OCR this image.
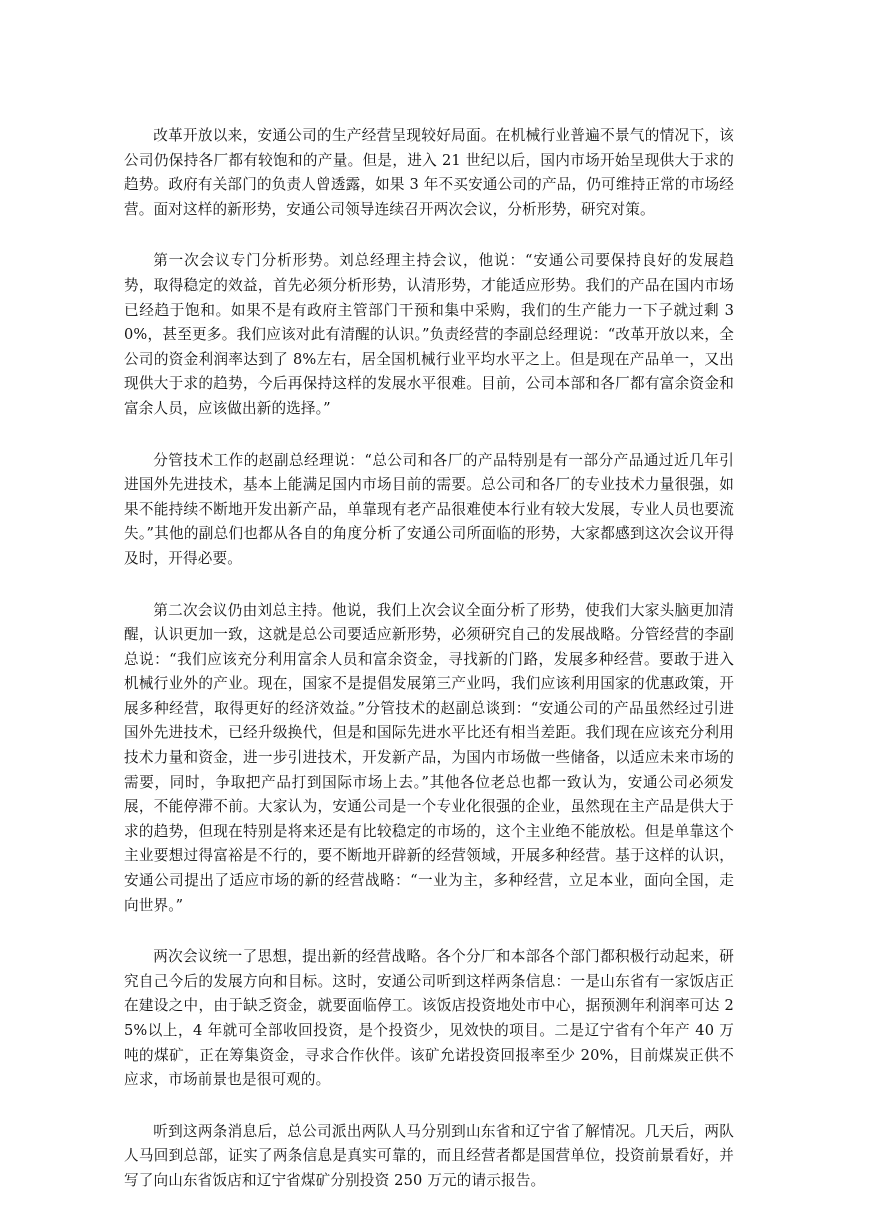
改革开放以来，安通公司的生产经营呈现较好局面。在机械行业普遍不景气的情况下，该公司仍保持各厂都有较饱和的产量。但是，进入 21 世纪以后，国内市场开始呈现供大于求的趋势。政府有关部门的负责人曾透露，如果 3 年不买安通公司的产品，仍可维持正常的市场经营。面对这样的新形势，安通公司领导连续召开两次会议，分析形势，研究对策。

第一次会议专门分析形势。刘总经理主持会议，他说：“安通公司要保持良好的发展趋势，取得稳定的效益，首先必须分析形势，认清形势，才能适应形势。我们的产品在国内市场已经趋于饱和。如果不是有政府主管部门干预和集中采购，我们的生产能力一下子就过剩 30%，甚至更多。我们应该对此有清醒的认识。”负责经营的李副总经理说：“改革开放以来，全公司的资金利润率达到了 8%左右，居全国机械行业平均水平之上。但是现在产品单一，又出现供大于求的趋势，今后再保持这样的发展水平很难。目前，公司本部和各厂都有富余资金和富余人员，应该做出新的选择。”

分管技术工作的赵副总经理说：“总公司和各厂的产品特别是有一部分产品通过近几年引进国外先进技术，基本上能满足国内市场目前的需要。总公司和各厂的专业技术力量很强，如果不能持续不断地开发出新产品，单靠现有老产品很难使本行业有较大发展，专业人员也要流失。”其他的副总们也都从各自的角度分析了安通公司所面临的形势，大家都感到这次会议开得及时，开得必要。

第二次会议仍由刘总主持。他说，我们上次会议全面分析了形势，使我们大家头脑更加清醒，认识更加一致，这就是总公司要适应新形势，必须研究自己的发展战略。分管经营的李副总说：“我们应该充分利用富余人员和富余资金，寻找新的门路，发展多种经营。要敢于进入机械行业外的产业。现在，国家不是提倡发展第三产业吗，我们应该利用国家的优惠政策，开展多种经营，取得更好的经济效益。”分管技术的赵副总谈到：“安通公司的产品虽然经过引进国外先进技术，已经升级换代，但是和国际先进水平比还有相当差距。我们现在应该充分利用技术力量和资金，进一步引进技术，开发新产品，为国内市场做一些储备，以适应未来市场的需要，同时，争取把产品打到国际市场上去。”其他各位老总也都一致认为，安通公司必须发展，不能停滞不前。大家认为，安通公司是一个专业化很强的企业，虽然现在主产品是供大于求的趋势，但现在特别是将来还是有比较稳定的市场的，这个主业绝不能放松。但是单靠这个主业要想过得富裕是不行的，要不断地开辟新的经营领域，开展多种经营。基于这样的认识，安通公司提出了适应市场的新的经营战略：“一业为主，多种经营，立足本业，面向全国，走向世界。”

两次会议统一了思想，提出新的经营战略。各个分厂和本部各个部门都积极行动起来，研究自己今后的发展方向和目标。这时，安通公司听到这样两条信息：一是山东省有一家饭店正在建设之中，由于缺乏资金，就要面临停工。该饭店投资地处市中心，据预测年利润率可达 25%以上，4 年就可全部收回投资，是个投资少，见效快的项目。二是辽宁省有个年产 40 万吨的煤矿，正在筹集资金，寻求合作伙伴。该矿允诺投资回报率至少 20%，目前煤炭正供不应求，市场前景也是很可观的。

听到这两条消息后，总公司派出两队人马分别到山东省和辽宁省了解情况。几天后，两队人马回到总部，证实了两条信息是真实可靠的，而且经营者都是国营单位，投资前景看好，并写了向山东省饭店和辽宁省煤矿分别投资 250 万元的请示报告。
